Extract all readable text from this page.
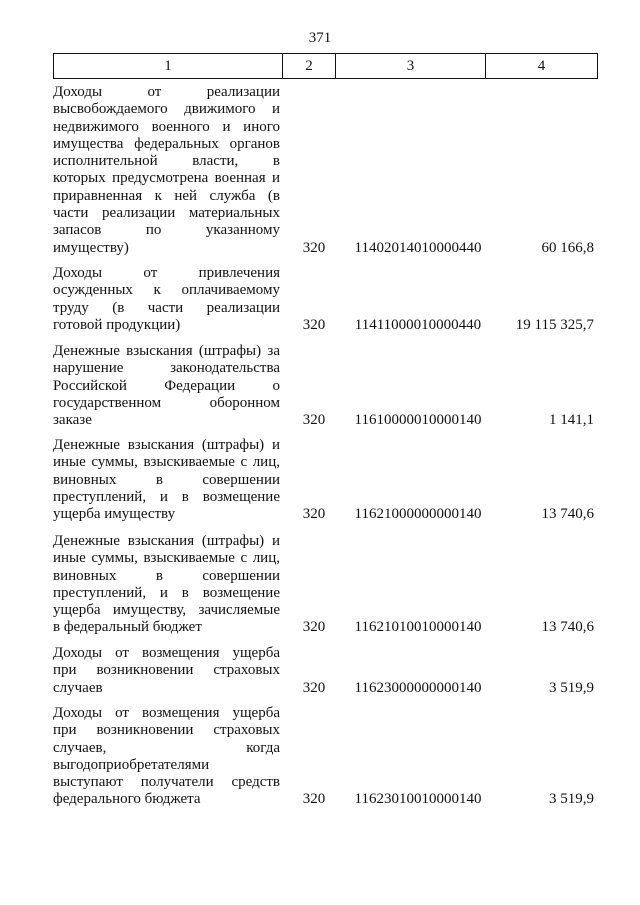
371
1	2	3	4
Доходы от реализации
высвобождаемого движимого и
недвижимого военного и иного
имущества федеральных органов
исполнительной власти, в
которых предусмотрена военная и
приравненная к ней служба (в
части реализации материальных
запасов по указанному
имуществу)	320	11402014010000440	60 166,8
Доходы от привлечения
осужденных к оплачиваемому
труду (в части реализации
готовой продукции)	320	11411000010000440	19 115 325,7
Денежные взыскания (штрафы) за
нарушение законодательства
Российской Федерации о
государственном оборонном
заказе	320	11610000010000140	1 141,1
Денежные взыскания (штрафы) и
иные суммы, взыскиваемые с лиц,
виновных в совершении
преступлений, и в возмещение
ущерба имуществу	320	11621000000000140	13 740,6
Денежные взыскания (штрафы) и
иные суммы, взыскиваемые с лиц,
виновных в совершении
преступлений, и в возмещение
ущерба имуществу, зачисляемые
в федеральный бюджет	320	11621010010000140	13 740,6
Доходы от возмещения ущерба
при возникновении страховых
случаев	320	11623000000000140	3 519,9
Доходы от возмещения ущерба
при возникновении страховых
случаев, когда
выгодоприобретателями
выступают получатели средств
федерального бюджета	320	11623010010000140	3 519,9
